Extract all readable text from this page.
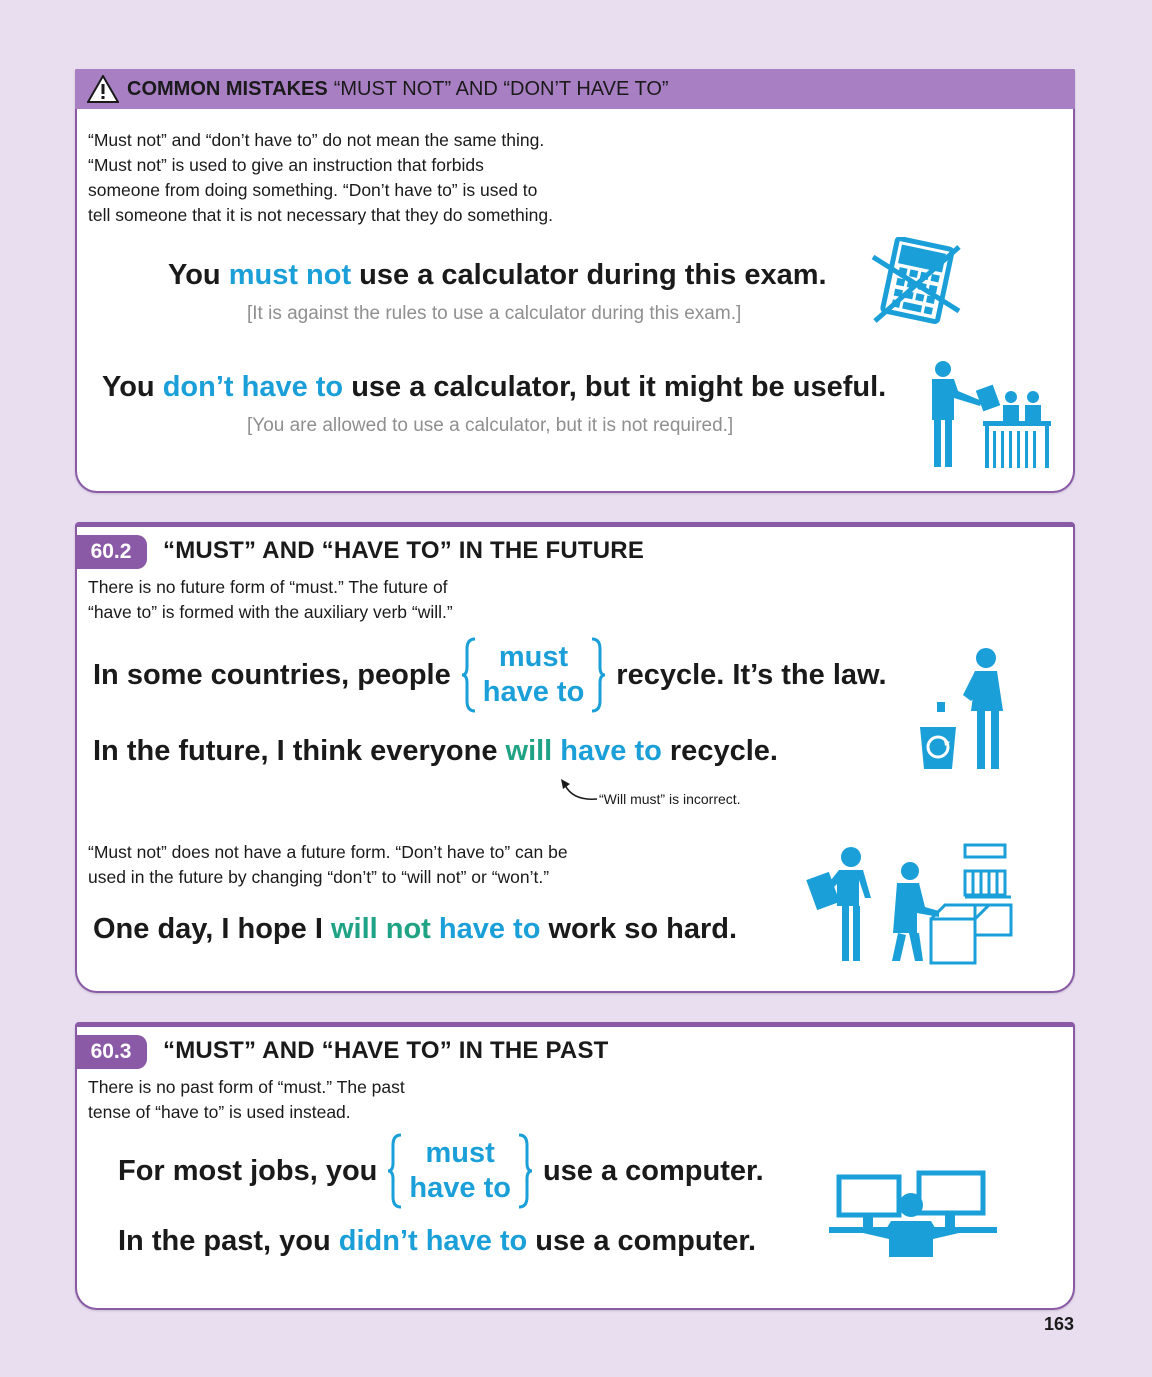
COMMON MISTAKES “MUST NOT” AND “DON’T HAVE TO”
“Must not” and “don’t have to” do not mean the same thing.
“Must not” is used to give an instruction that forbids
someone from doing something. “Don’t have to” is used to
tell someone that it is not necessary that they do something.
You must not use a calculator during this exam.
[It is against the rules to use a calculator during this exam.]
You don’t have to use a calculator, but it might be useful.
[You are allowed to use a calculator, but it is not required.]
60.2	“MUST” AND “HAVE TO” IN THE FUTURE
There is no future form of “must.” The future of
“have to” is formed with the auxiliary verb “will.”
In some countries, people
must
have to
recycle. It’s the law.
In the future, I think everyone will have to recycle.
“Will must” is incorrect.
“Must not” does not have a future form. “Don’t have to” can be
used in the future by changing “don’t” to “will not” or “won’t.”
One day, I hope I will not have to work so hard.
60.3	“MUST” AND “HAVE TO” IN THE PAST
There is no past form of “must.” The past
tense of “have to” is used instead.
For most jobs, you
must
have to
use a computer.
In the past, you didn’t have to use a computer.
163
